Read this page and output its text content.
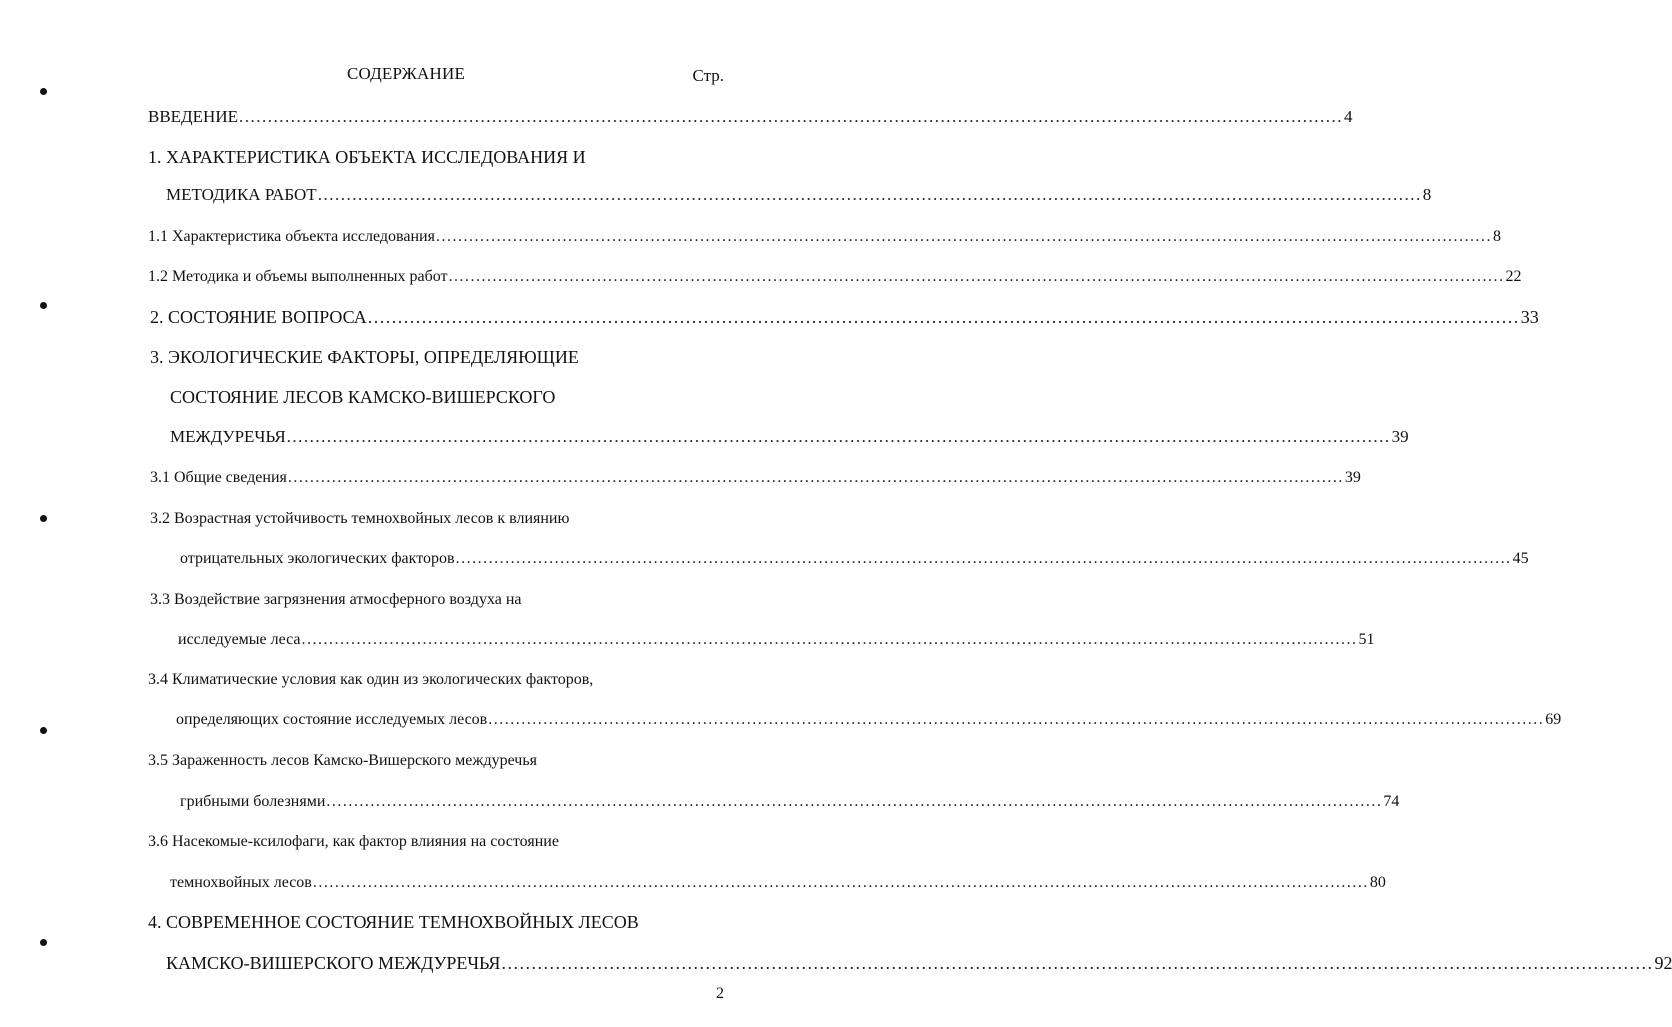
СОДЕРЖАНИЕ	Стр.
ВВЕДЕНИЕ ................................................................................................................................................................................................ 4
1. ХАРАКТЕРИСТИКА ОБЪЕКТА ИССЛЕДОВАНИЯ И
МЕТОДИКА РАБОТ ................................................................................................................................................................................................ 8
1.1 Характеристика объекта исследования ................................................................................................................................................................................................ 8
1.2 Методика и объемы выполненных работ ................................................................................................................................................................................................ 22
2. СОСТОЯНИЕ ВОПРОСА ................................................................................................................................................................................................ 33
3. ЭКОЛОГИЧЕСКИЕ ФАКТОРЫ, ОПРЕДЕЛЯЮЩИЕ
СОСТОЯНИЕ ЛЕСОВ КАМСКО-ВИШЕРСКОГО
МЕЖДУРЕЧЬЯ ................................................................................................................................................................................................ 39
3.1 Общие сведения ................................................................................................................................................................................................ 39
3.2 Возрастная устойчивость темнохвойных лесов к влиянию
отрицательных экологических факторов ................................................................................................................................................................................................ 45
3.3 Воздействие загрязнения атмосферного воздуха на
исследуемые леса ................................................................................................................................................................................................ 51
3.4 Климатические условия как один из экологических факторов,
определяющих состояние исследуемых лесов ................................................................................................................................................................................................ 69
3.5 Зараженность лесов Камско-Вишерского междуречья
грибными болезнями ................................................................................................................................................................................................ 74
3.6 Насекомые-ксилофаги, как фактор влияния на состояние
темнохвойных лесов ................................................................................................................................................................................................ 80
4. СОВРЕМЕННОЕ СОСТОЯНИЕ ТЕМНОХВОЙНЫХ ЛЕСОВ
КАМСКО-ВИШЕРСКОГО МЕЖДУРЕЧЬЯ ................................................................................................................................................................................................ 92
2
